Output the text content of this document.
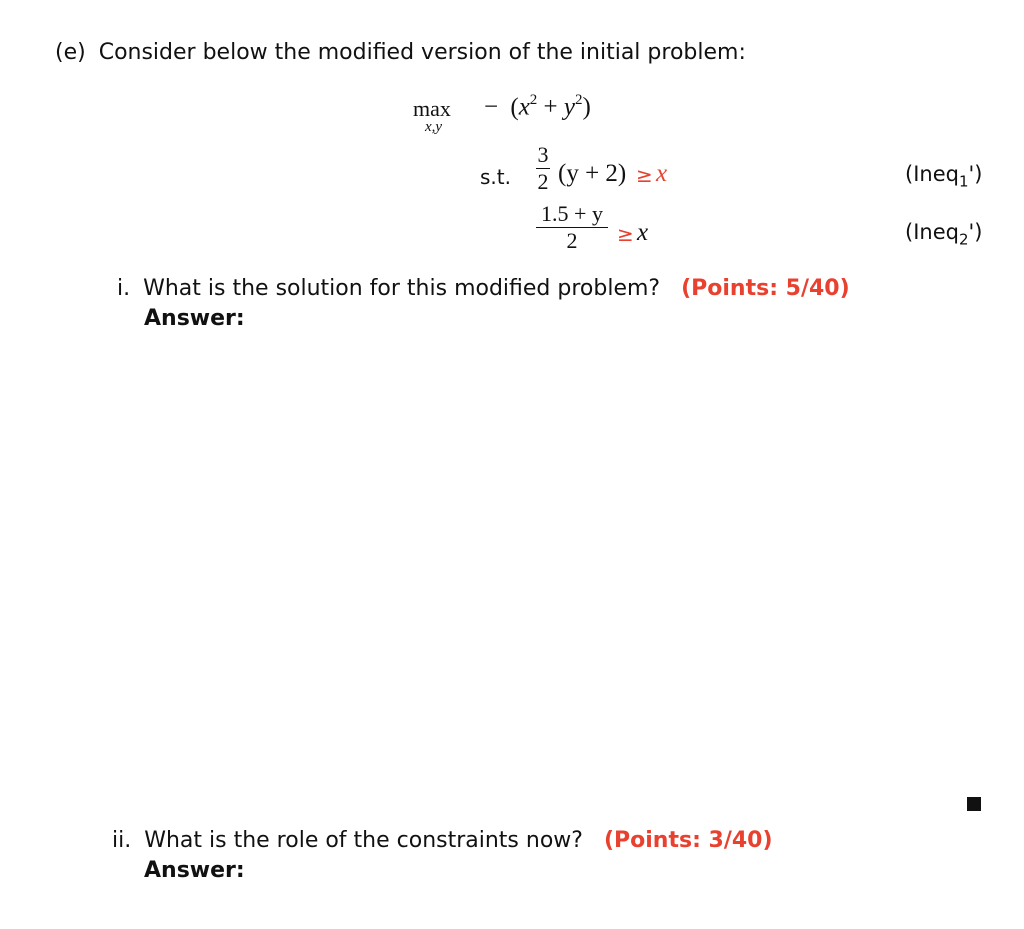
(e) Consider below the modified version of the initial problem:
max
x,y
− $(x^2 + y^2)$
s.t.
3
2 (y + 2) ≥ x	(Ineq$_1$')
1.5 + y
2	≥ x	(Ineq$_2$')
i. What is the solution for this modified problem? (Points: 5/40)
Answer:
ii. What is the role of the constraints now? (Points: 3/40)
Answer:
